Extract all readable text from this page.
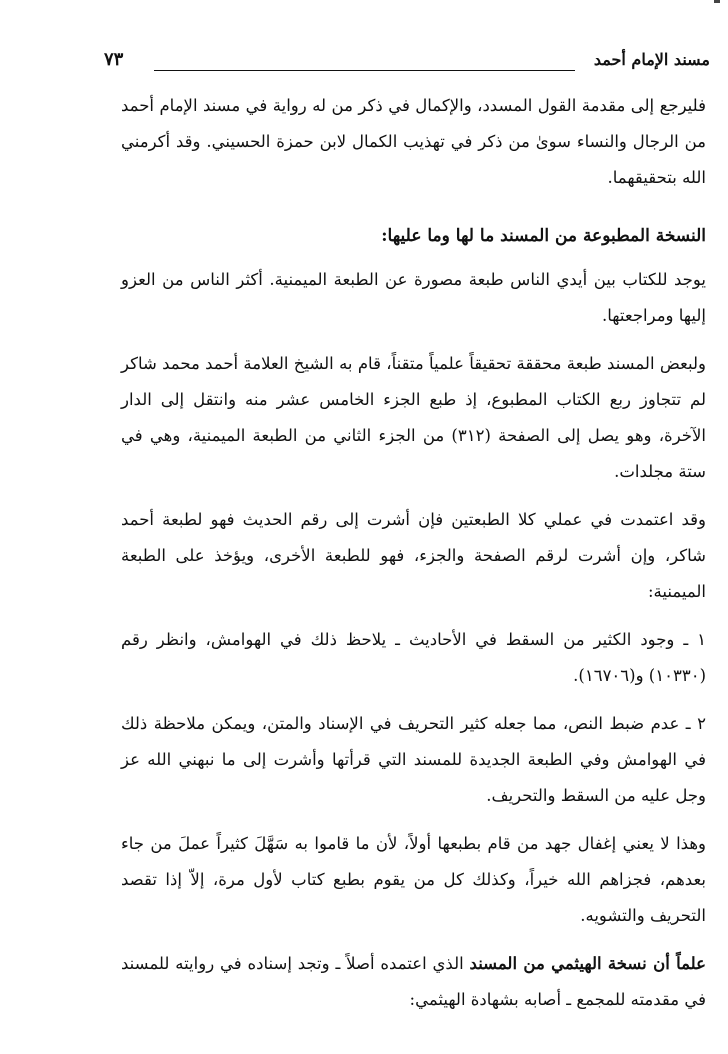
مسند الإمام أحمد
٧٣

فليرجع إلى مقدمة القول المسدد، والإكمال في ذكر من له رواية في مسند الإمام أحمد من الرجال والنساء سوىٰ من ذكر في تهذيب الكمال لابن حمزة الحسيني. وقد أكرمني الله بتحقيقهما.

النسخة المطبوعة من المسند ما لها وما عليها:

يوجد للكتاب بين أيدي الناس طبعة مصورة عن الطبعة الميمنية. أكثر الناس من العزو إليها ومراجعتها.

ولبعض المسند طبعة محققة تحقيقاً علمياً متقناً، قام به الشيخ العلامة أحمد محمد شاكر لم تتجاوز ربع الكتاب المطبوع، إذ طبع الجزء الخامس عشر منه وانتقل إلى الدار الآخرة، وهو يصل إلى الصفحة (٣١٢) من الجزء الثاني من الطبعة الميمنية، وهي في ستة مجلدات.

وقد اعتمدت في عملي كلا الطبعتين فإن أشرت إلى رقم الحديث فهو لطبعة أحمد شاكر، وإن أشرت لرقم الصفحة والجزء، فهو للطبعة الأخرى، ويؤخذ على الطبعة الميمنية:

١ ـ وجود الكثير من السقط في الأحاديث ـ يلاحظ ذلك في الهوامش، وانظر رقم (١٠٣٣٠) و(١٦٧٠٦).

٢ ـ عدم ضبط النص، مما جعله كثير التحريف في الإسناد والمتن، ويمكن ملاحظة ذلك في الهوامش وفي الطبعة الجديدة للمسند التي قرأتها وأشرت إلى ما نبهني الله عز وجل عليه من السقط والتحريف.

وهذا لا يعني إغفال جهد من قام بطبعها أولاً، لأن ما قاموا به سَهَّلَ كثيراً عملَ من جاء بعدهم، فجزاهم الله خيراً، وكذلك كل من يقوم بطبع كتاب لأول مرة، إلاّ إذا تقصد التحريف والتشويه.

علماً أن نسخة الهيثمي من المسند الذي اعتمده أصلاً ـ وتجد إسناده في روايته للمسند في مقدمته للمجمع ـ أصابه بشهادة الهيثمي:
